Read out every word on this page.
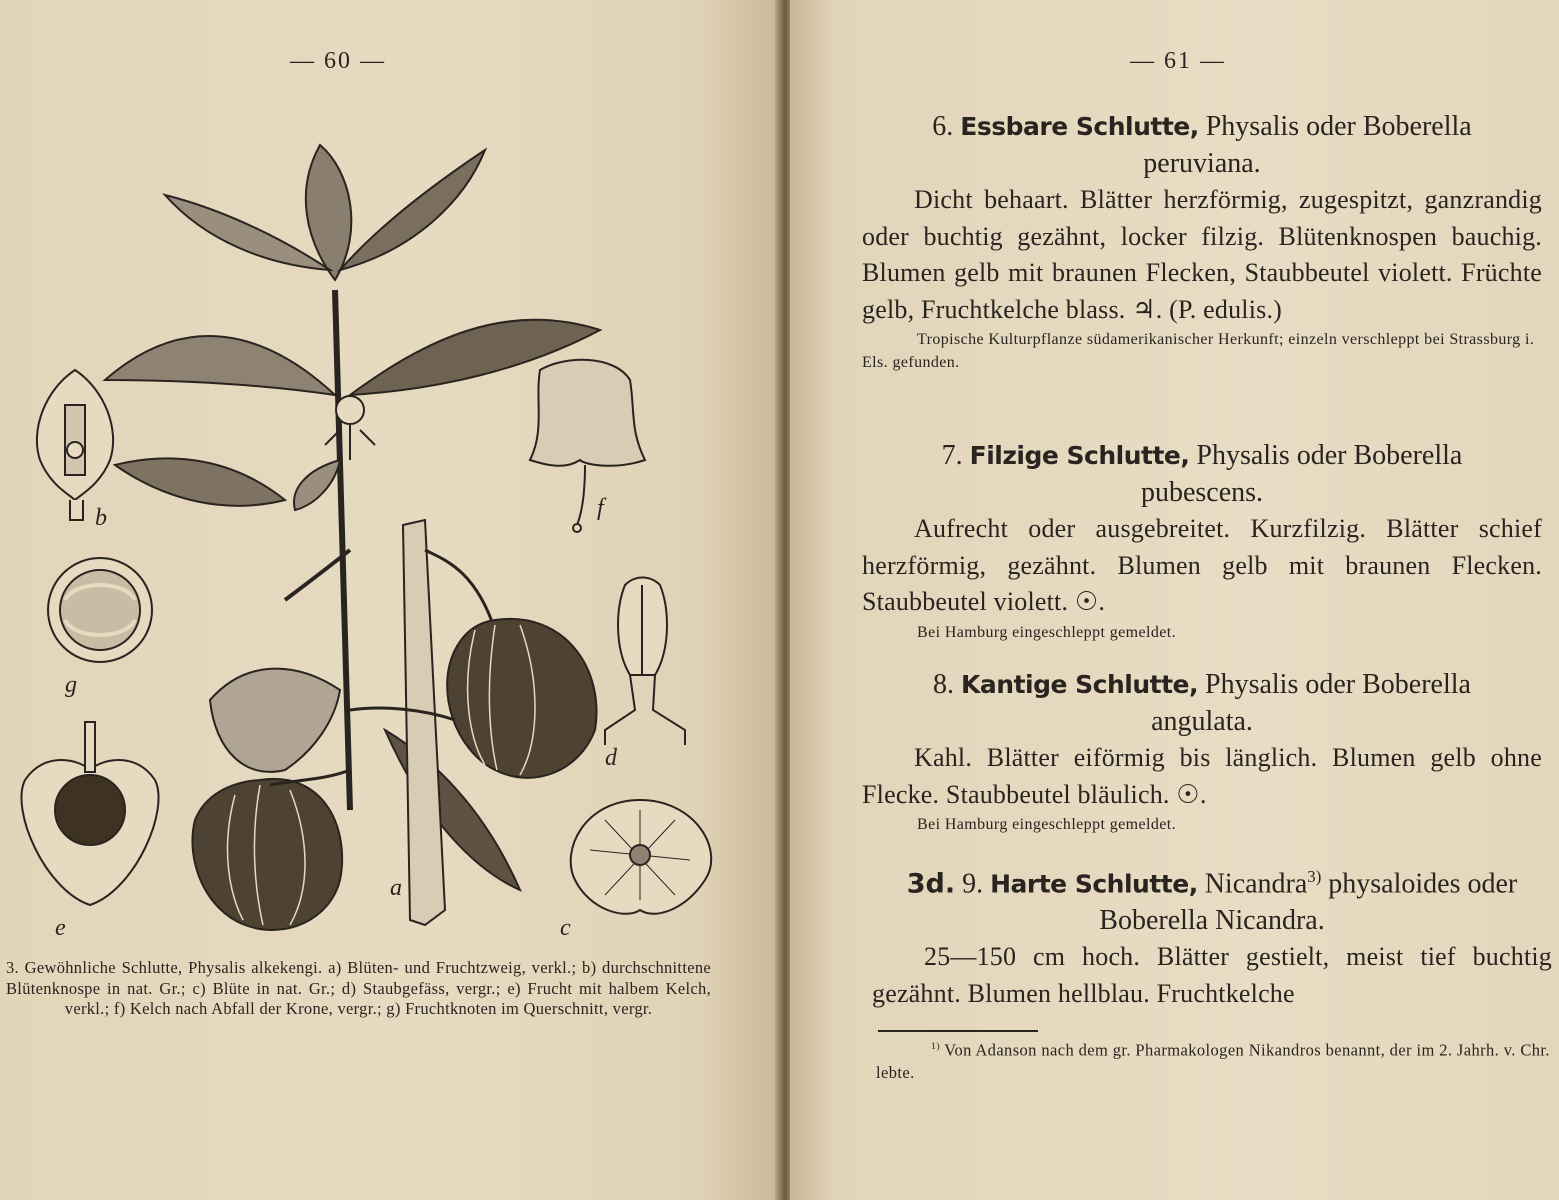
— 60 —
a
b
c
d
e
f
g
3. Gewöhnliche Schlutte, Physalis alkekengi. a) Blüten- und Fruchtzweig, verkl.; b) durchschnittene Blütenknospe in nat. Gr.; c) Blüte in nat. Gr.; d) Staubgefäss, vergr.; e) Frucht mit halbem Kelch, verkl.; f) Kelch nach Abfall der Krone, vergr.; g) Fruchtknoten im Querschnitt, vergr.
— 61 —
6. Essbare Schlutte, Physalis oder Boberella
peruviana.
Dicht behaart. Blätter herzförmig, zugespitzt, ganzrandig oder buchtig gezähnt, locker filzig. Blütenknospen bauchig. Blumen gelb mit braunen Flecken, Staubbeutel violett. Früchte gelb, Fruchtkelche blass. ♃. (P. edulis.)
Tropische Kulturpflanze südamerikanischer Herkunft; einzeln verschleppt bei Strassburg i. Els. gefunden.
7. Filzige Schlutte, Physalis oder Boberella
pubescens.
Aufrecht oder ausgebreitet. Kurzfilzig. Blätter schief herzförmig, gezähnt. Blumen gelb mit braunen Flecken. Staubbeutel violett. ☉.
Bei Hamburg eingeschleppt gemeldet.
8. Kantige Schlutte, Physalis oder Boberella
angulata.
Kahl. Blätter eiförmig bis länglich. Blumen gelb ohne Flecke. Staubbeutel bläulich. ☉.
Bei Hamburg eingeschleppt gemeldet.
3d. 9. Harte Schlutte, Nicandra$^{3)}$ physaloides oder
Boberella Nicandra.
25—150 cm hoch. Blätter gestielt, meist tief buchtig gezähnt. Blumen hellblau. Fruchtkelche
$^{1)}$ Von Adanson nach dem gr. Pharmakologen Nikandros benannt, der im 2. Jahrh. v. Chr. lebte.
